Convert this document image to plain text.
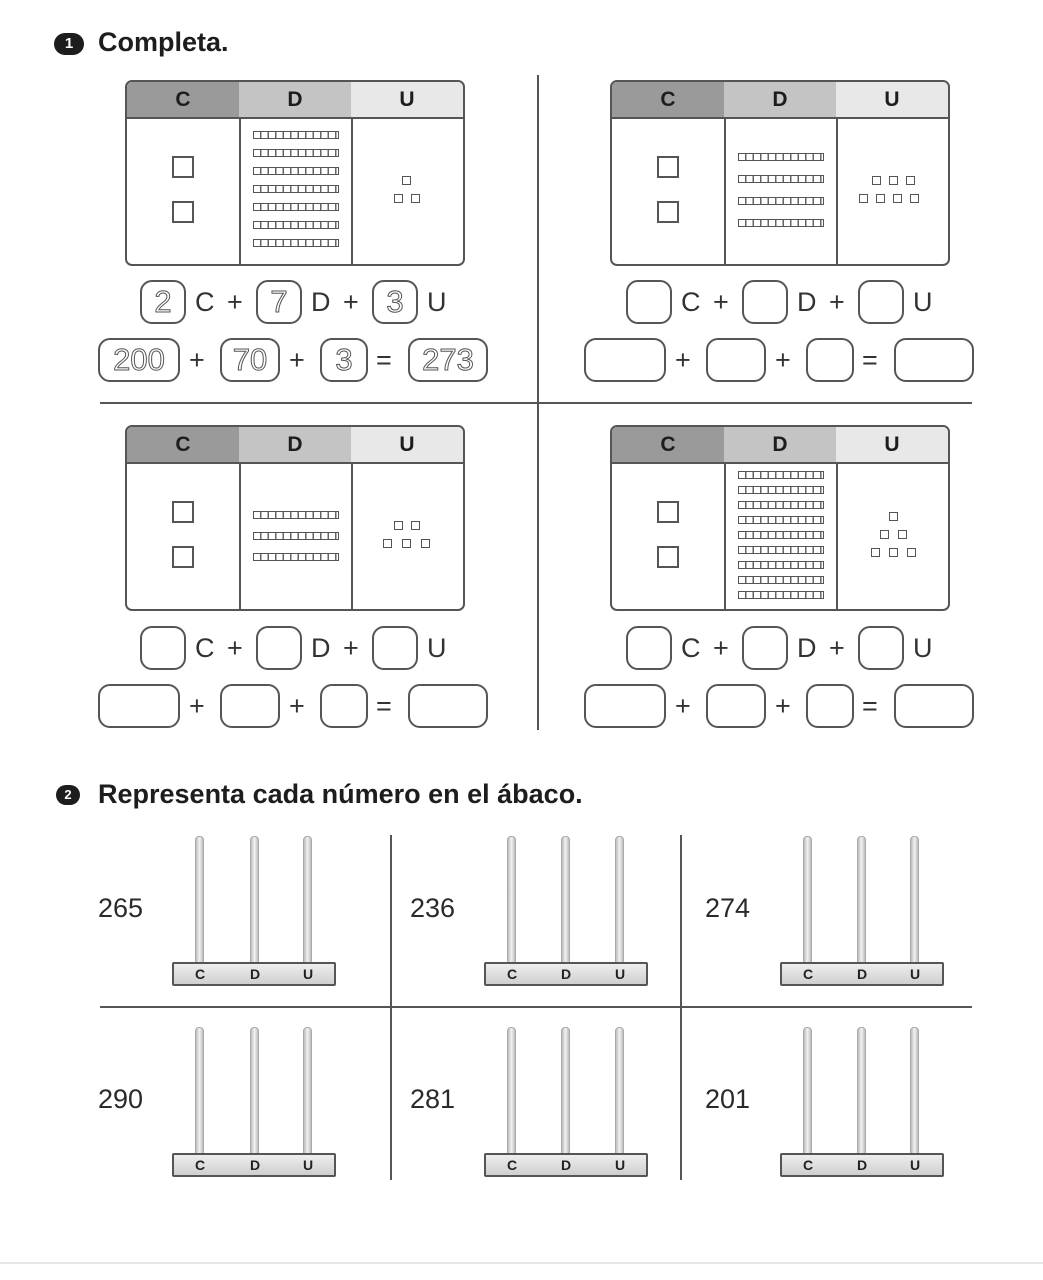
1 Completa.
C	D	U
2 C + 7 D + 3 U
200 + 70 + 3 = 273
C	D	U
C +	D +	U
+	+	=
C	D	U
C +	D +	U
+	+	=
C	D	U
C +	D +	U
+	+	=
2 Representa cada número en el ábaco.
265
C	D	U
236
C	D	U
274
C	D	U
290
C	D	U
281
C	D	U
201
C	D	U
